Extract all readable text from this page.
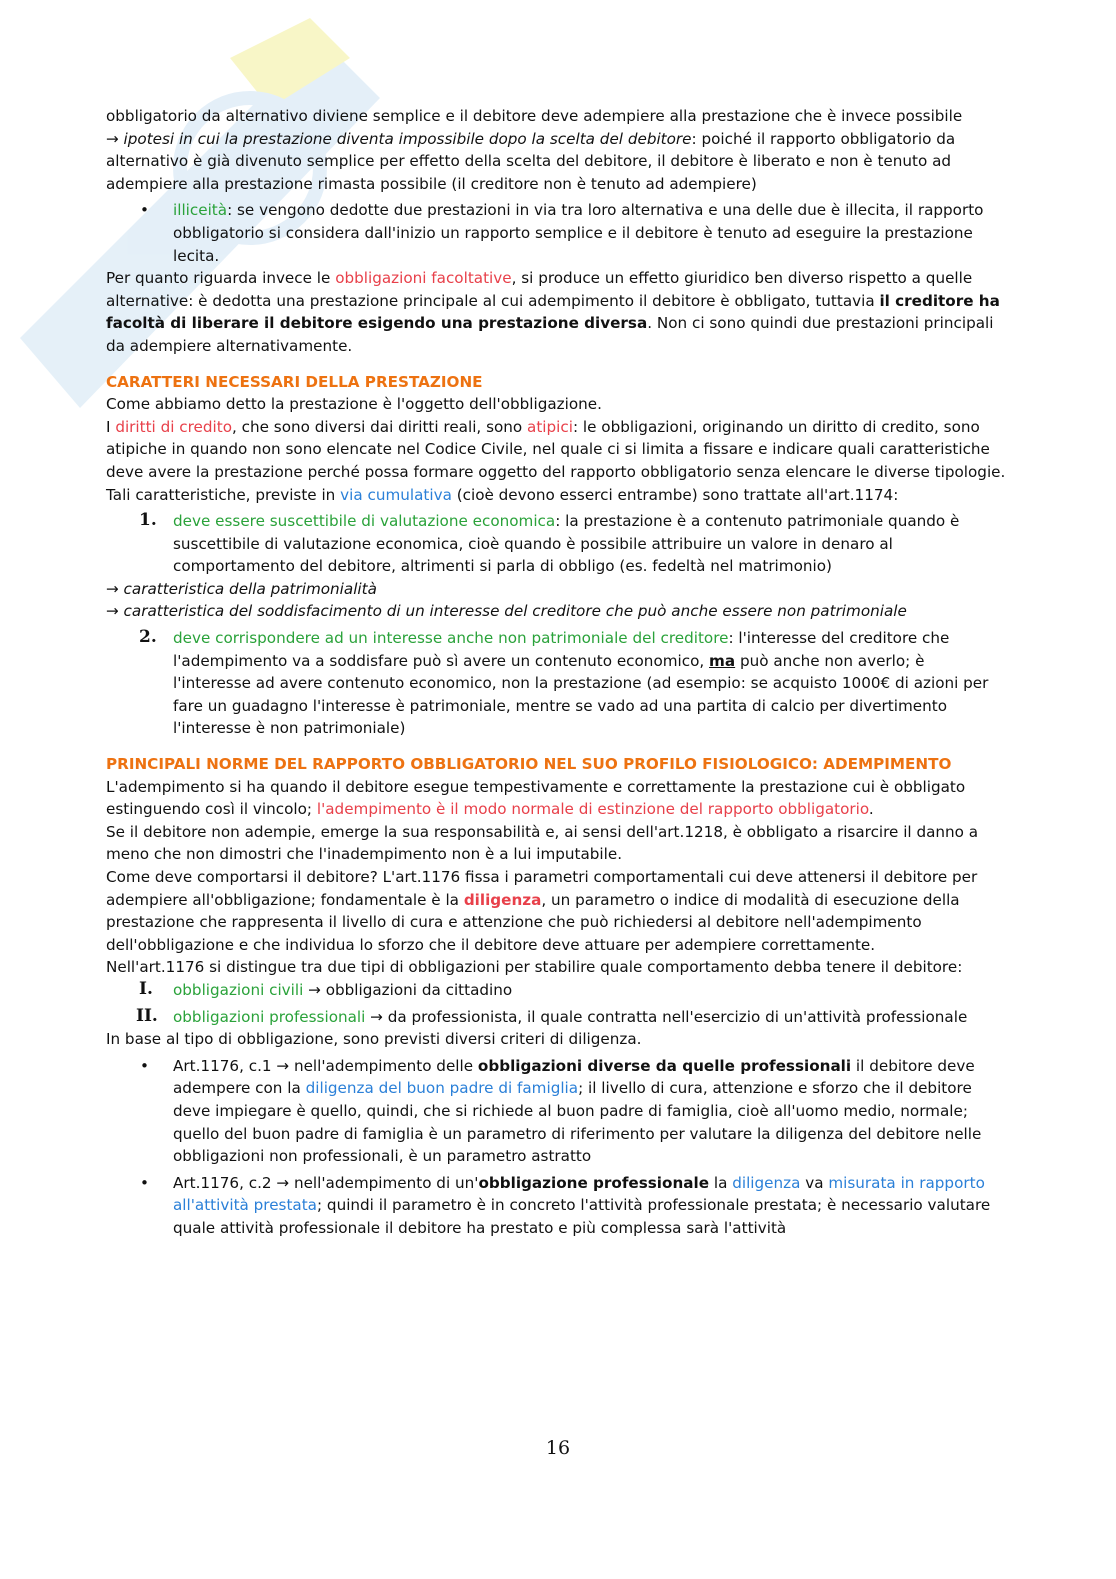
obbligatorio da alternativo diviene semplice e il debitore deve adempiere alla prestazione che è invece possibile

→ ipotesi in cui la prestazione diventa impossibile dopo la scelta del debitore: poiché il rapporto obbligatorio da alternativo è già divenuto semplice per effetto della scelta del debitore, il debitore è liberato e non è tenuto ad adempiere alla prestazione rimasta possibile (il creditore non è tenuto ad adempiere)

• illiceità: se vengono dedotte due prestazioni in via tra loro alternativa e una delle due è illecita, il rapporto obbligatorio si considera dall'inizio un rapporto semplice e il debitore è tenuto ad eseguire la prestazione lecita.

Per quanto riguarda invece le obbligazioni facoltative, si produce un effetto giuridico ben diverso rispetto a quelle alternative: è dedotta una prestazione principale al cui adempimento il debitore è obbligato, tuttavia il creditore ha facoltà di liberare il debitore esigendo una prestazione diversa. Non ci sono quindi due prestazioni principali da adempiere alternativamente.

CARATTERI NECESSARI DELLA PRESTAZIONE

Come abbiamo detto la prestazione è l'oggetto dell'obbligazione.

I diritti di credito, che sono diversi dai diritti reali, sono atipici: le obbligazioni, originando un diritto di credito, sono atipiche in quando non sono elencate nel Codice Civile, nel quale ci si limita a fissare e indicare quali caratteristiche deve avere la prestazione perché possa formare oggetto del rapporto obbligatorio senza elencare le diverse tipologie. Tali caratteristiche, previste in via cumulativa (cioè devono esserci entrambe) sono trattate all'art.1174:

1. deve essere suscettibile di valutazione economica: la prestazione è a contenuto patrimoniale quando è suscettibile di valutazione economica, cioè quando è possibile attribuire un valore in denaro al comportamento del debitore, altrimenti si parla di obbligo (es. fedeltà nel matrimonio)

→ caratteristica della patrimonialità

→ caratteristica del soddisfacimento di un interesse del creditore che può anche essere non patrimoniale

2. deve corrispondere ad un interesse anche non patrimoniale del creditore: l'interesse del creditore che l'adempimento va a soddisfare può sì avere un contenuto economico, ma può anche non averlo; è l'interesse ad avere contenuto economico, non la prestazione (ad esempio: se acquisto 1000€ di azioni per fare un guadagno l'interesse è patrimoniale, mentre se vado ad una partita di calcio per divertimento l'interesse è non patrimoniale)

PRINCIPALI NORME DEL RAPPORTO OBBLIGATORIO NEL SUO PROFILO FISIOLOGICO: ADEMPIMENTO

L'adempimento si ha quando il debitore esegue tempestivamente e correttamente la prestazione cui è obbligato estinguendo così il vincolo; l'adempimento è il modo normale di estinzione del rapporto obbligatorio.

Se il debitore non adempie, emerge la sua responsabilità e, ai sensi dell'art.1218, è obbligato a risarcire il danno a meno che non dimostri che l'inadempimento non è a lui imputabile.

Come deve comportarsi il debitore? L'art.1176 fissa i parametri comportamentali cui deve attenersi il debitore per adempiere all'obbligazione; fondamentale è la diligenza, un parametro o indice di modalità di esecuzione della prestazione che rappresenta il livello di cura e attenzione che può richiedersi al debitore nell'adempimento dell'obbligazione e che individua lo sforzo che il debitore deve attuare per adempiere correttamente.

Nell'art.1176 si distingue tra due tipi di obbligazioni per stabilire quale comportamento debba tenere il debitore:

I. obbligazioni civili → obbligazioni da cittadino

II. obbligazioni professionali → da professionista, il quale contratta nell'esercizio di un'attività professionale

In base al tipo di obbligazione, sono previsti diversi criteri di diligenza.

• Art.1176, c.1 → nell'adempimento delle obbligazioni diverse da quelle professionali il debitore deve adempere con la diligenza del buon padre di famiglia; il livello di cura, attenzione e sforzo che il debitore deve impiegare è quello, quindi, che si richiede al buon padre di famiglia, cioè all'uomo medio, normale; quello del buon padre di famiglia è un parametro di riferimento per valutare la diligenza del debitore nelle obbligazioni non professionali, è un parametro astratto

• Art.1176, c.2 → nell'adempimento di un'obbligazione professionale la diligenza va misurata in rapporto all'attività prestata; quindi il parametro è in concreto l'attività professionale prestata; è necessario valutare quale attività professionale il debitore ha prestato e più complessa sarà l'attività

16
